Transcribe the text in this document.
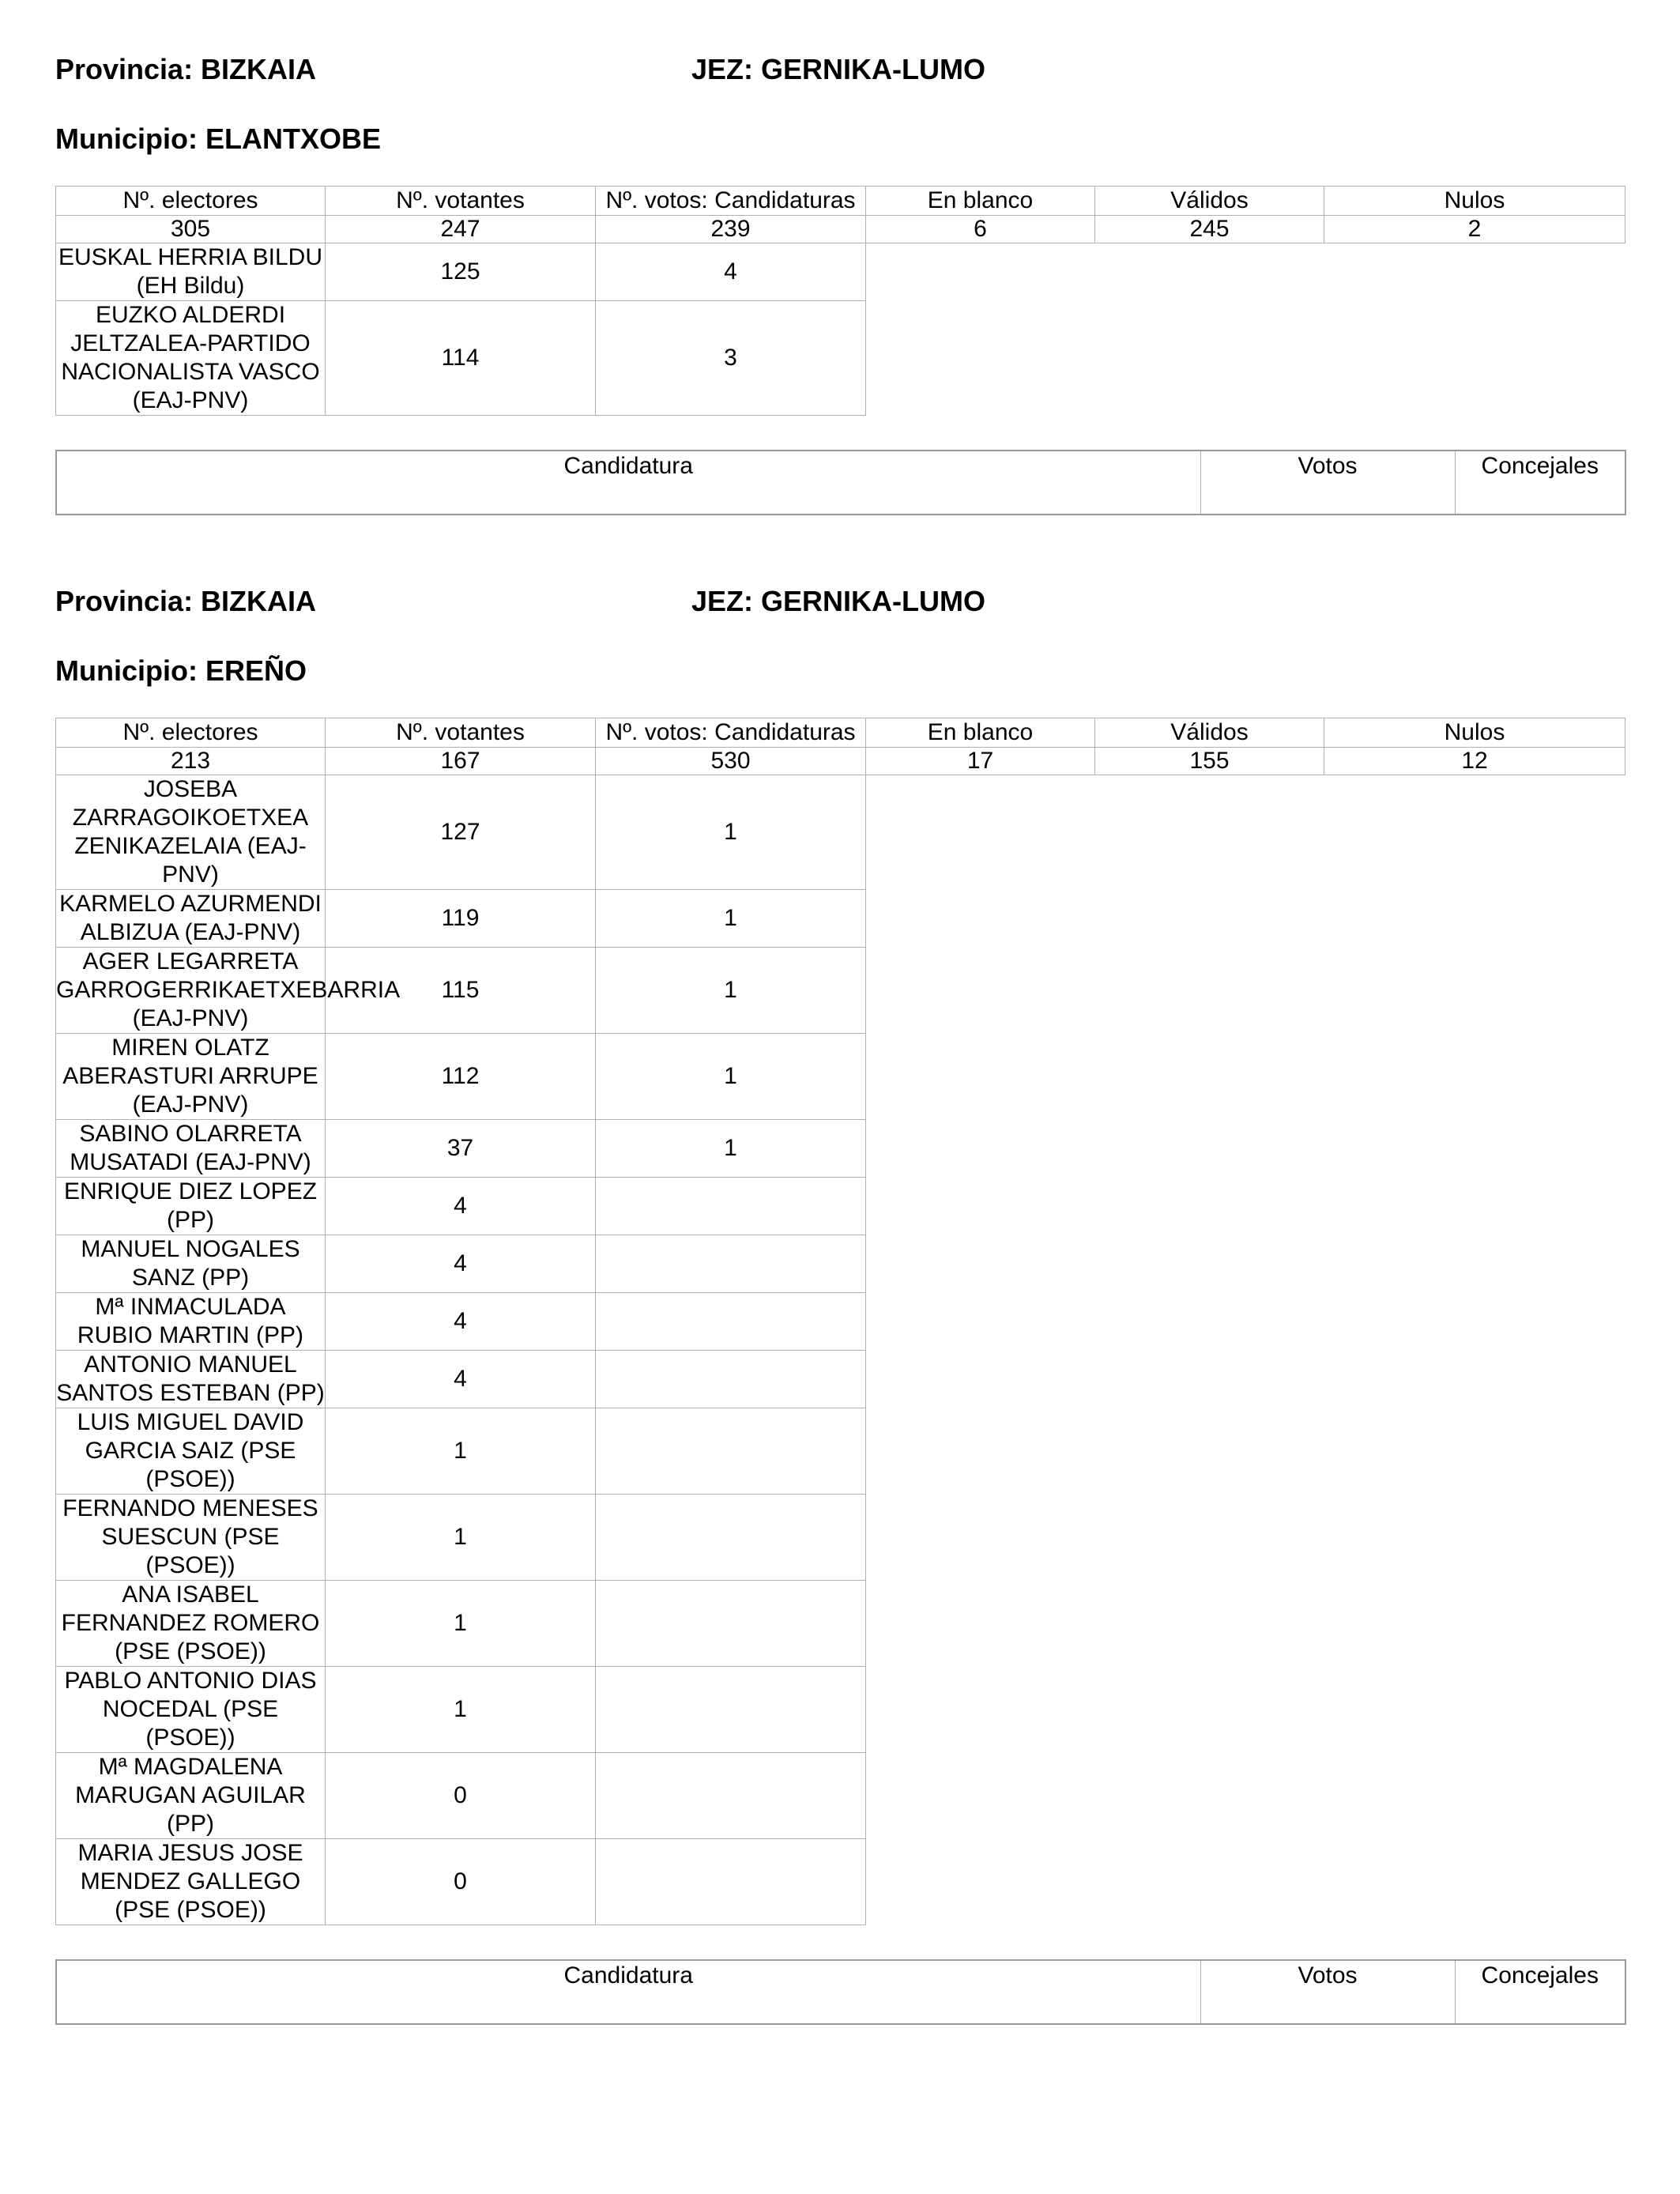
Provincia: BIZKAIA	JEZ: GERNIKA-LUMO
Municipio: ELANTXOBE
Nº. electores	Nº. votantes	Nº. votos: Candidaturas	En blanco	Válidos	Nulos
305	247	239	6	245	2
EUSKAL HERRIA BILDU (EH Bildu)	125	4			
EUZKO ALDERDI JELTZALEA-PARTIDO NACIONALISTA VASCO (EAJ-PNV)	114	3			
Candidatura	Votos	Concejales
Provincia: BIZKAIA	JEZ: GERNIKA-LUMO
Municipio: EREÑO
Nº. electores	Nº. votantes	Nº. votos: Candidaturas	En blanco	Válidos	Nulos
213	167	530	17	155	12
JOSEBA ZARRAGOIKOETXEA ZENIKAZELAIA (EAJ-PNV)	127	1			
KARMELO AZURMENDI ALBIZUA (EAJ-PNV)	119	1			
AGER LEGARRETA GARROGERRIKAETXEBARRIA (EAJ-PNV)	115	1			
MIREN OLATZ ABERASTURI ARRUPE (EAJ-PNV)	112	1			
SABINO OLARRETA MUSATADI (EAJ-PNV)	37	1			
ENRIQUE DIEZ LOPEZ (PP)	4				
MANUEL NOGALES SANZ (PP)	4				
Mª INMACULADA RUBIO MARTIN (PP)	4				
ANTONIO MANUEL SANTOS ESTEBAN (PP)	4				
LUIS MIGUEL DAVID GARCIA SAIZ (PSE (PSOE))	1				
FERNANDO MENESES SUESCUN (PSE (PSOE))	1				
ANA ISABEL FERNANDEZ ROMERO (PSE (PSOE))	1				
PABLO ANTONIO DIAS NOCEDAL (PSE (PSOE))	1				
Mª MAGDALENA MARUGAN AGUILAR (PP)	0				
MARIA JESUS JOSE MENDEZ GALLEGO (PSE (PSOE))	0				
Candidatura	Votos	Concejales
